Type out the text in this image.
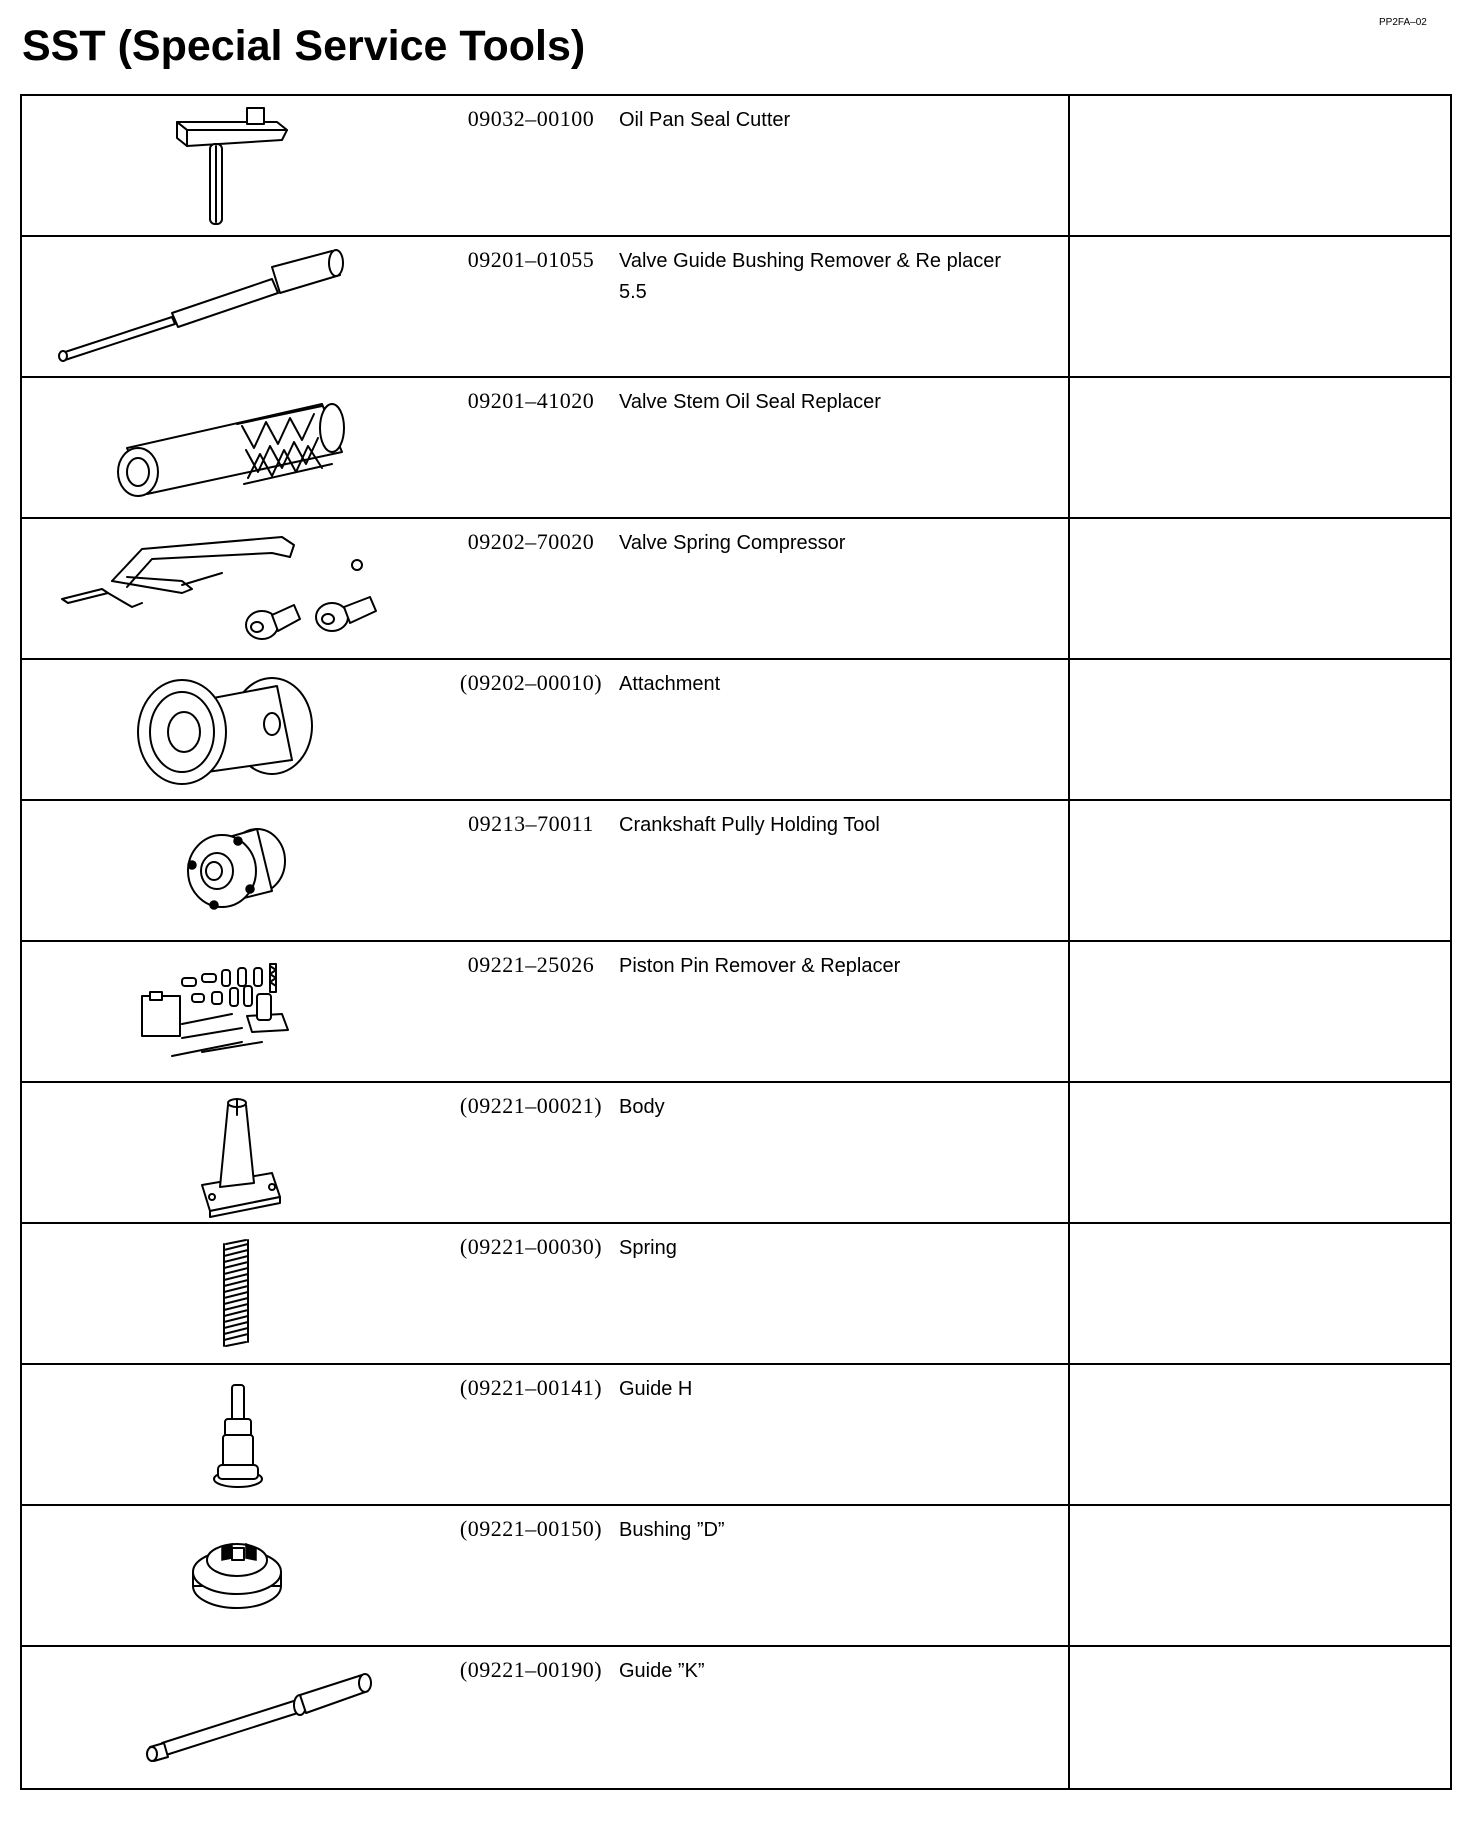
PP2FA–02
SST (Special Service Tools)
09032–00100 Oil Pan Seal Cutter	

09201–01055 Valve Guide Bushing Remover & Re placer 5.5	

09201–41020 Valve Stem Oil Seal Replacer	

09202–70020 Valve Spring Compressor	

(09202–00010) Attachment	

09213–70011 Crankshaft Pully Holding Tool	

09221–25026 Piston Pin Remover & Replacer	

(09221–00021) Body	

(09221–00030) Spring	

(09221–00141) Guide H	

(09221–00150) Bushing ”D”	

(09221–00190) Guide ”K”	
